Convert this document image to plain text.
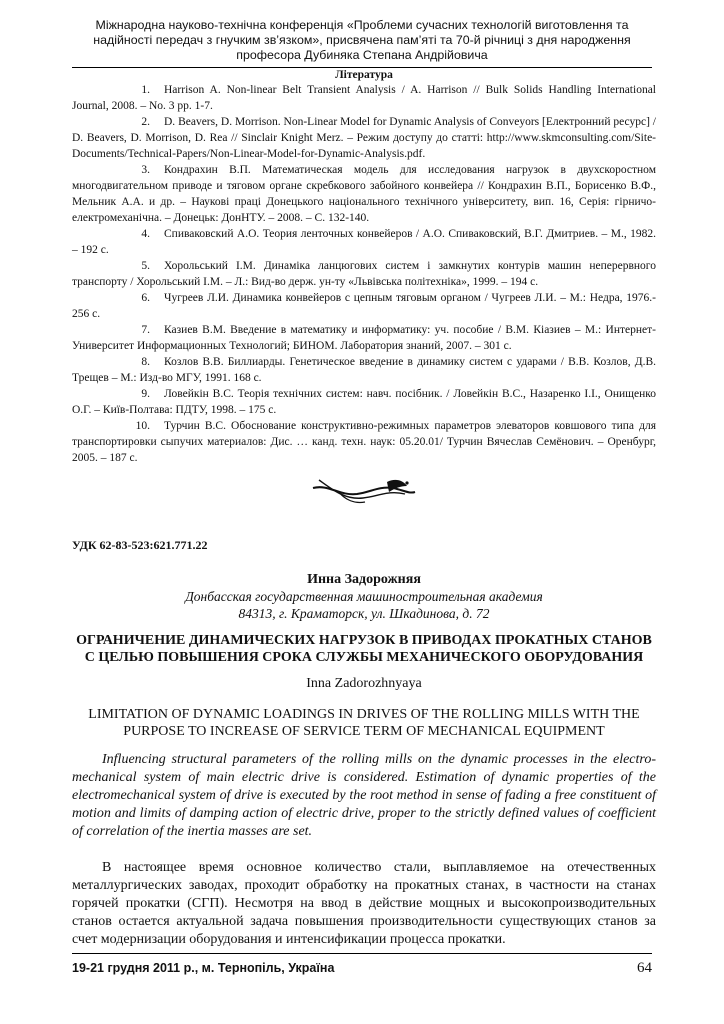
Міжнародна науково-технічна конференція «Проблеми сучасних технологій виготовлення та
надійності передач з гнучким зв’язком», присвячена пам’яті та 70-й річниці з дня народження
професора Дубиняка Степана Андрійовича
Література
1. Harrison A. Non-linear Belt Transient Analysis / A. Harrison // Bulk Solids Handling International Journal, 2008. – No. 3 pp. 1-7.
2. D. Beavers, D. Morrison. Non-Linear Model for Dynamic Analysis of Conveyors [Електронний ресурс] / D. Beavers, D. Morrison, D. Rea // Sinclair Knight Merz. – Режим доступу до статті: http://www.skmconsulting.com/Site-Documents/Technical-Papers/Non-Linear-Model-for-Dynamic-Analysis.pdf.
3. Кондрахин В.П. Математическая модель для исследования нагрузок в двухскоростном многодвигательном приводе и тяговом органе скребкового забойного конвейера // Кондрахин В.П., Борисенко В.Ф., Мельник А.А. и др. – Наукові праці Донецького національного технічного університету, вип. 16, Серія: гірничо-електромеханічна. – Донецьк: ДонНТУ. – 2008. – С. 132-140.
4. Спиваковский А.О. Теория ленточных конвейеров / А.О. Спиваковский, В.Г. Дмитриев. – М., 1982. – 192 с.
5. Хорольський І.М. Динаміка ланцюгових систем і замкнутих контурів машин неперервного транспорту / Хорольський І.М. – Л.: Вид-во держ. ун-ту «Львівська політехніка», 1999. – 194 с.
6. Чугреев Л.И. Динамика конвейеров с цепным тяговым органом / Чугреев Л.И. – М.: Недра, 1976.- 256 с.
7. Казиев В.М. Введение в математику и информатику: уч. пособие / В.М. Кіазиев – М.: Интернет-Университет Информационных Технологий; БИНОМ. Лаборатория знаний, 2007. – 301 с.
8. Козлов В.В. Биллиарды. Генетическое введение в динамику систем с ударами / В.В. Козлов, Д.В. Трещев – М.: Изд-во МГУ, 1991. 168 с.
9. Ловейкін В.С. Теорія технічних систем: навч. посібник. / Ловейкін В.С., Назаренко І.І., Онищенко О.Г. – Київ-Полтава: ПДТУ, 1998. – 175 с.
10. Турчин В.С. Обоснование конструктивно-режимных параметров элеваторов ковшового типа для транспортировки сыпучих материалов: Дис. … канд. техн. наук: 05.20.01/ Турчин Вячеслав Семёнович. – Оренбург, 2005. – 187 с.
УДК 62-83-523:621.771.22
Инна Задорожняя
Донбасская государственная машиностроительная академия
84313, г. Краматорск, ул. Шкадинова, д. 72
ОГРАНИЧЕНИЕ ДИНАМИЧЕСКИХ НАГРУЗОК В ПРИВОДАХ ПРОКАТНЫХ СТАНОВ С ЦЕЛЬЮ ПОВЫШЕНИЯ СРОКА СЛУЖБЫ МЕХАНИЧЕСКОГО ОБОРУДОВАНИЯ
Inna Zadorozhnyaya
LIMITATION OF DYNAMIC LOADINGS IN DRIVES OF THE ROLLING MILLS WITH THE PURPOSE TO INCREASE OF SERVICE TERM OF MECHANICAL EQUIPMENT
Influencing structural parameters of the rolling mills on the dynamic processes in the electro-mechanical system of main electric drive is considered. Estimation of dynamic properties of the electromechanical system of drive is executed by the root method in sense of fading a free constituent of motion and limits of damping action of electric drive, proper to the strictly defined values of coefficient of correlation of the inertia masses are set.
В настоящее время основное количество стали, выплавляемое на отечественных металлургических заводах, проходит обработку на прокатных станах, в частности на станах горячей прокатки (СГП). Несмотря на ввод в действие мощных и высокопроизводительных станов остается актуальной задача повышения производительности существующих станов за счет модернизации оборудования и интенсификации процесса прокатки.
19-21 грудня 2011 р., м. Тернопіль, Україна	64
